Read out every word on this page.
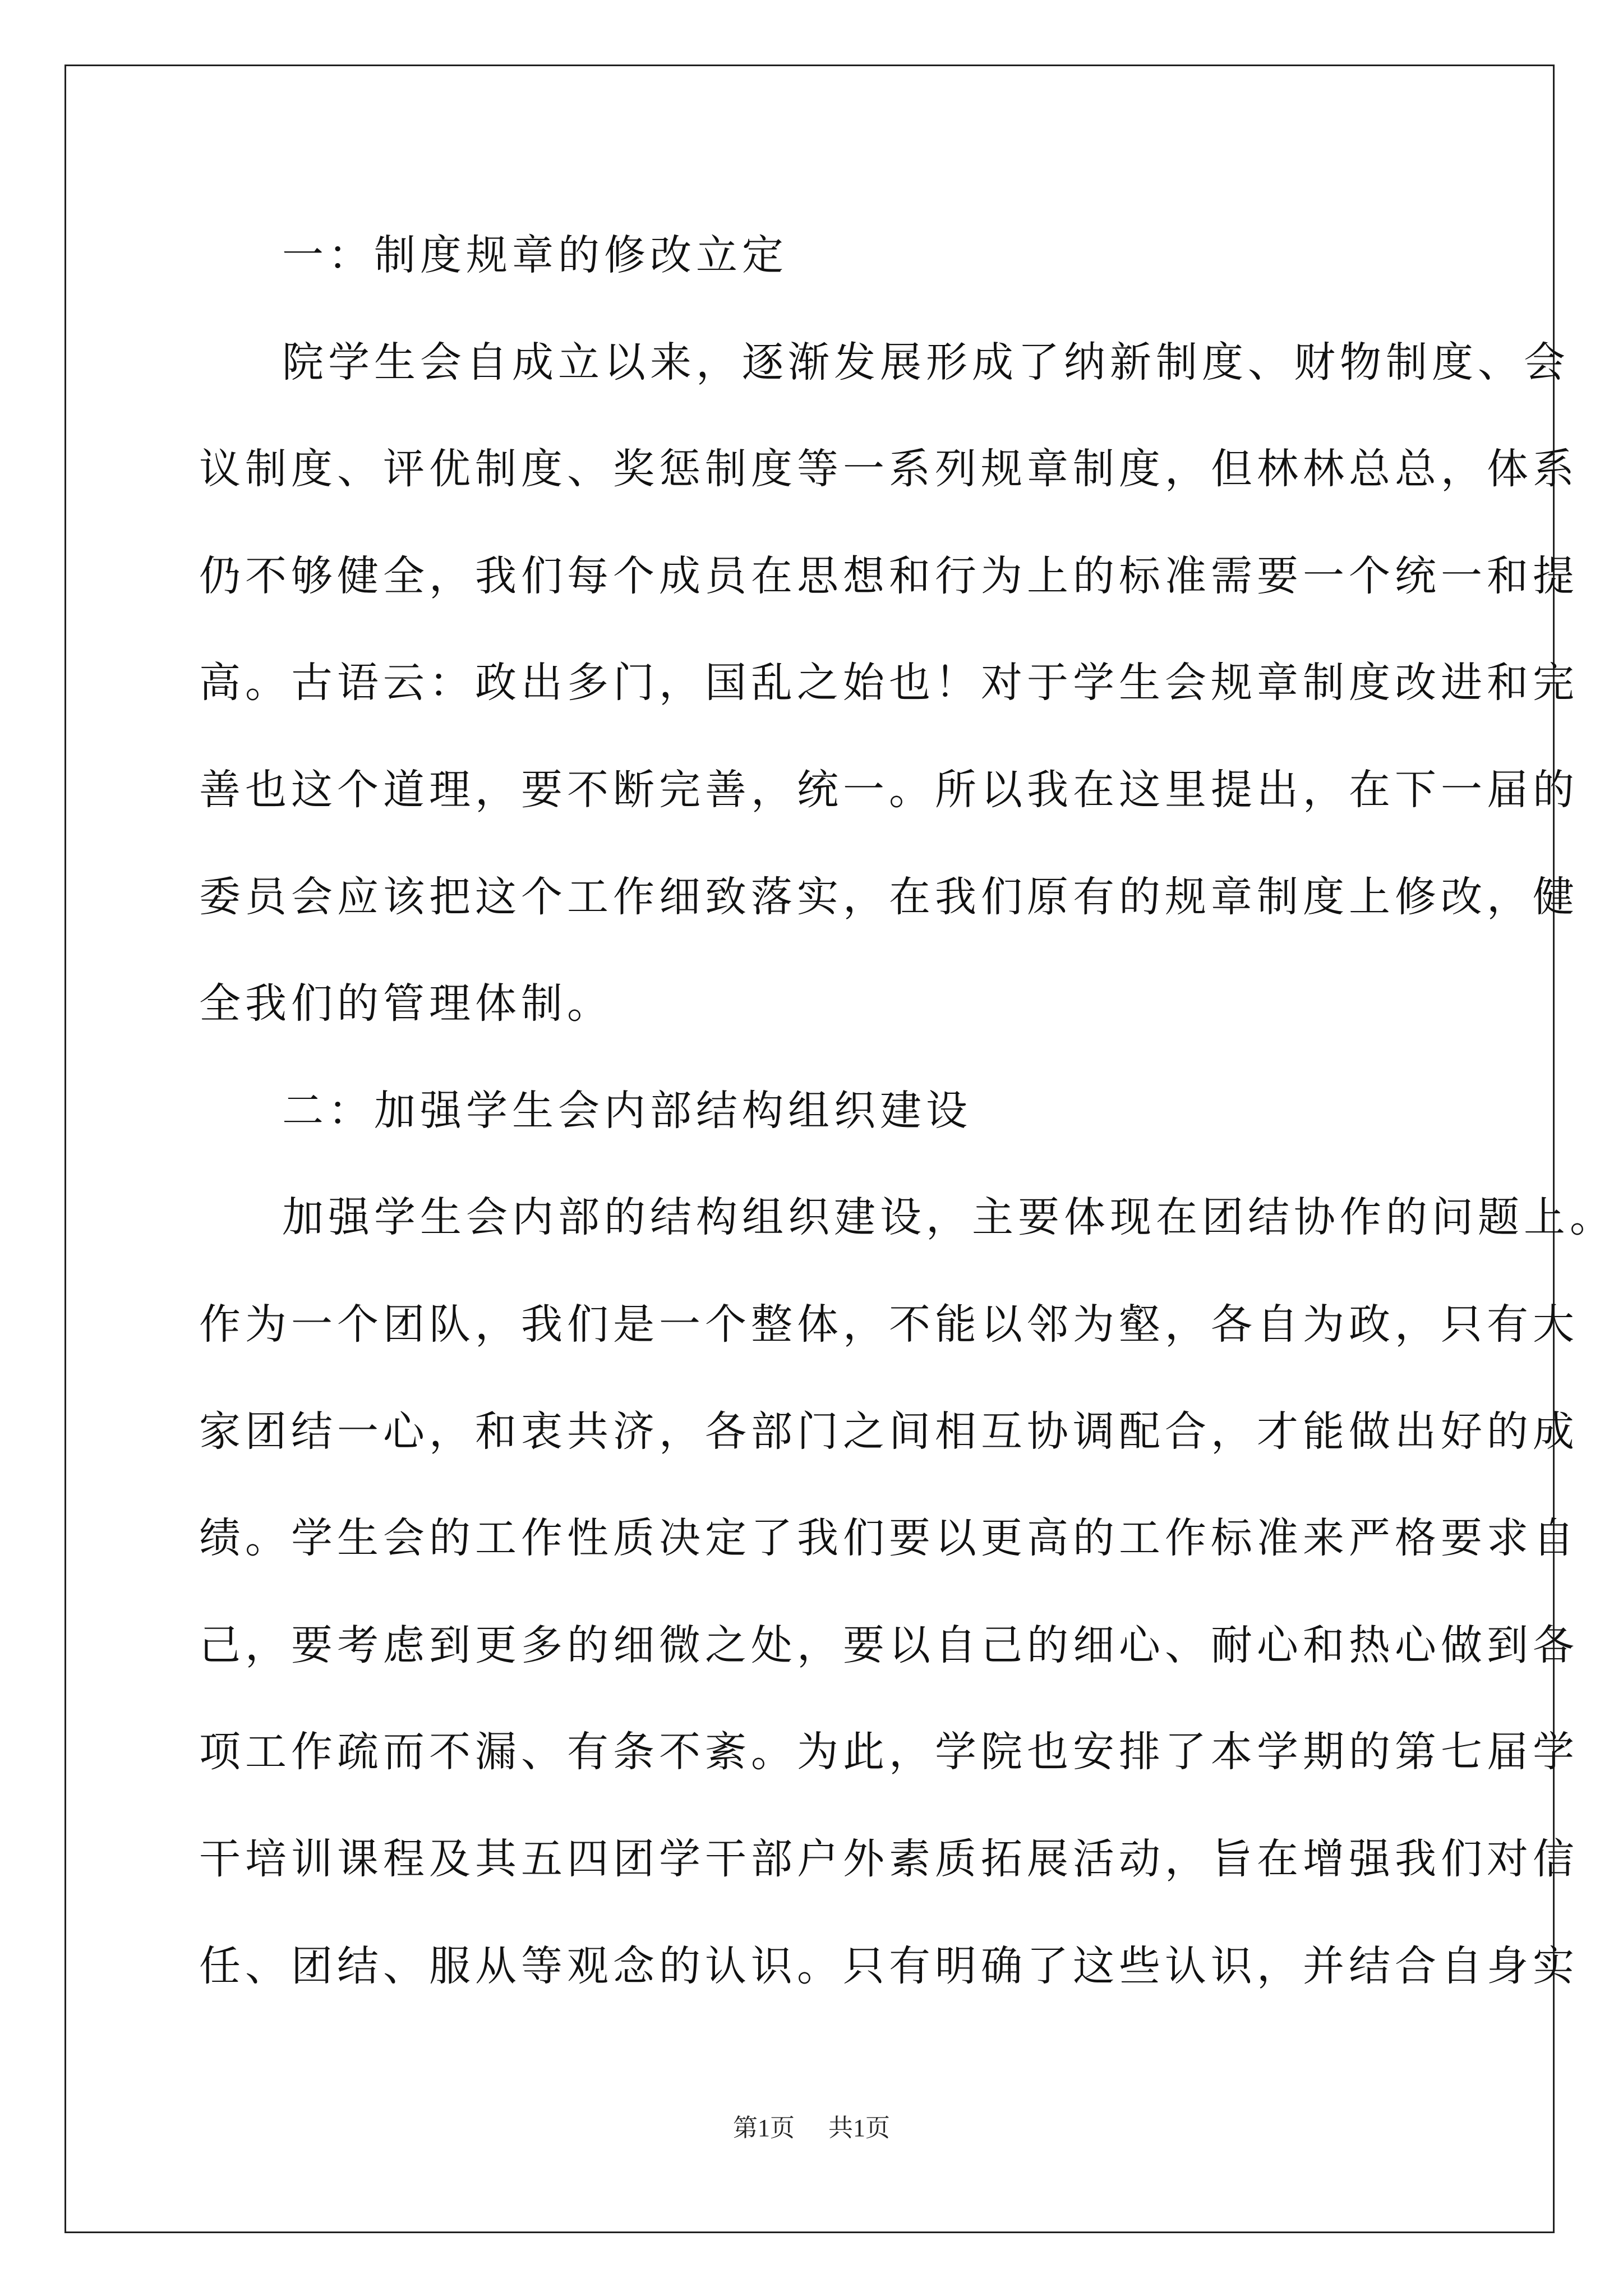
一：制度规章的修改立定
院学生会自成立以来，逐渐发展形成了纳新制度、财物制度、会
议制度、评优制度、奖惩制度等一系列规章制度，但林林总总，体系
仍不够健全，我们每个成员在思想和行为上的标准需要一个统一和提
高。古语云：政出多门，国乱之始也！对于学生会规章制度改进和完
善也这个道理，要不断完善，统一。所以我在这里提出，在下一届的
委员会应该把这个工作细致落实，在我们原有的规章制度上修改，健
全我们的管理体制。
二：加强学生会内部结构组织建设
加强学生会内部的结构组织建设，主要体现在团结协作的问题上。
作为一个团队，我们是一个整体，不能以邻为壑，各自为政，只有大
家团结一心，和衷共济，各部门之间相互协调配合，才能做出好的成
绩。学生会的工作性质决定了我们要以更高的工作标准来严格要求自
己，要考虑到更多的细微之处，要以自己的细心、耐心和热心做到各
项工作疏而不漏、有条不紊。为此，学院也安排了本学期的第七届学
干培训课程及其五四团学干部户外素质拓展活动，旨在增强我们对信
任、团结、服从等观念的认识。只有明确了这些认识，并结合自身实
第1页 共1页
